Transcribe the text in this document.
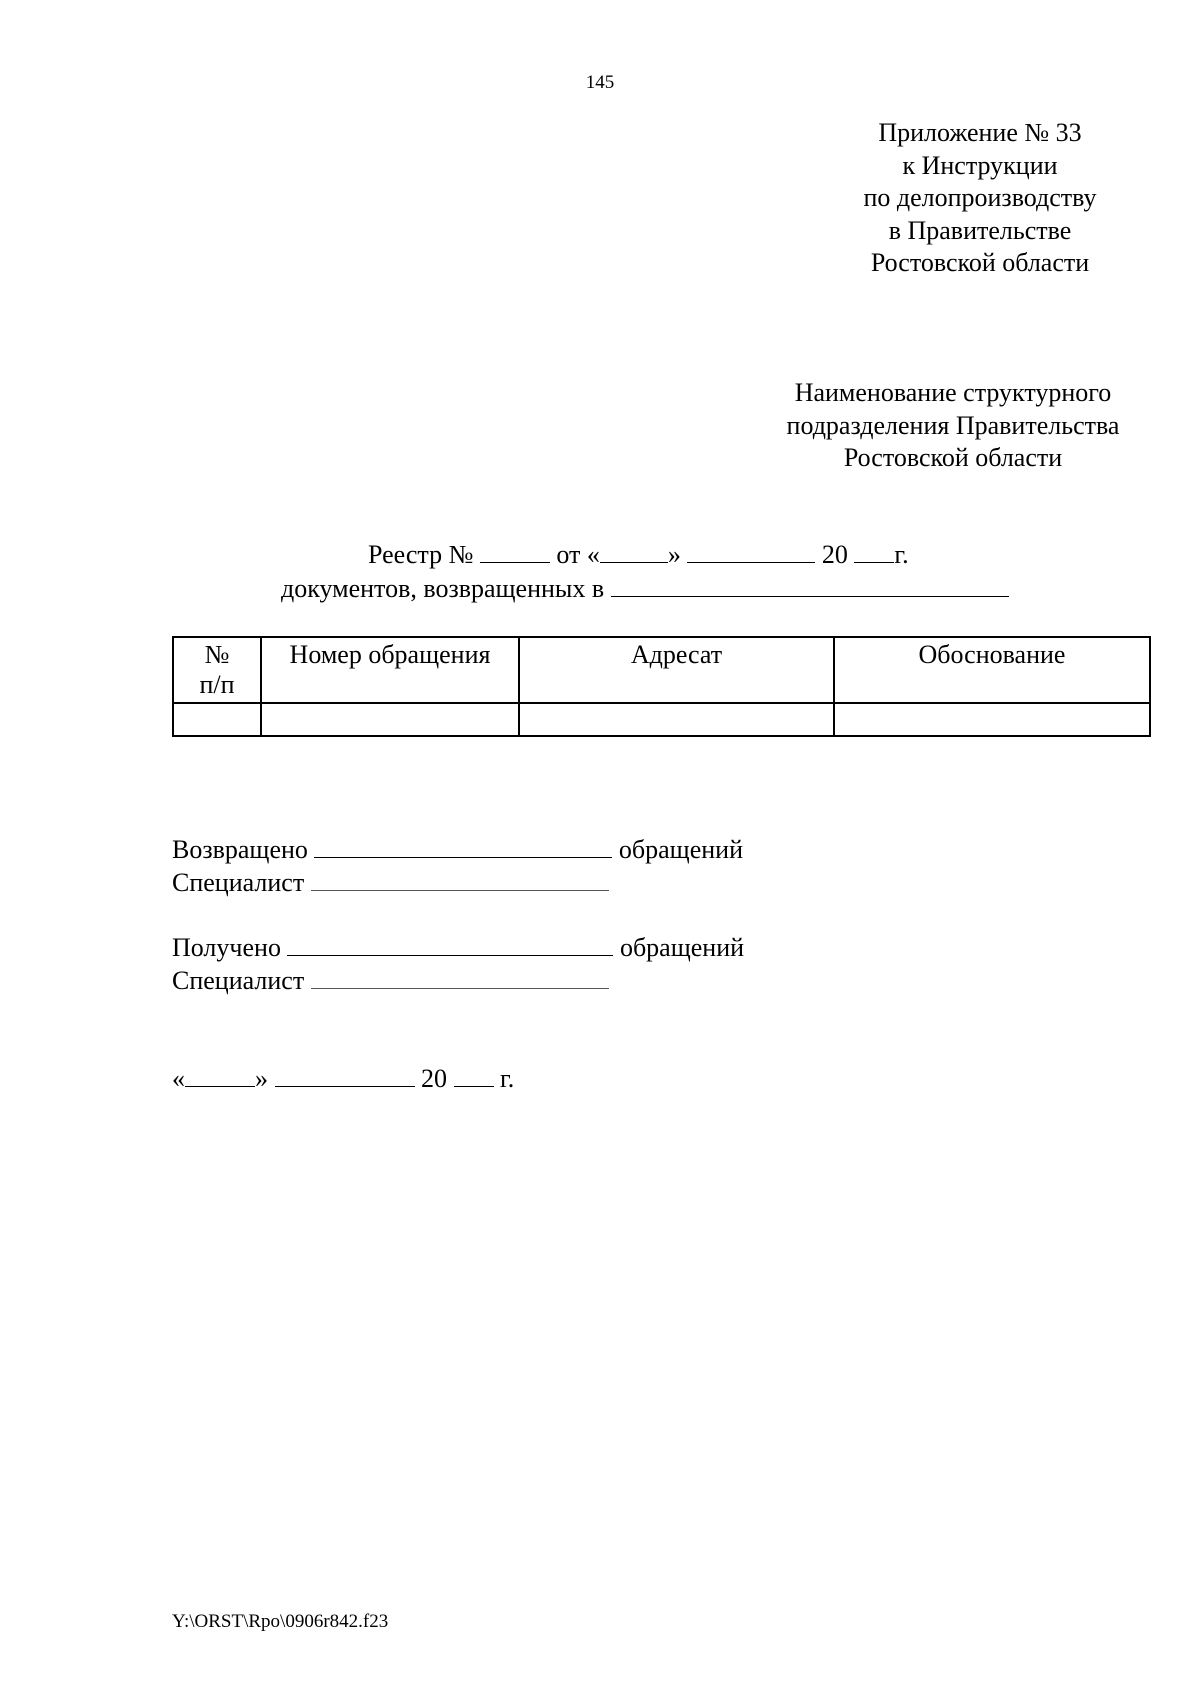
145
Приложение № 33
к Инструкции
по делопроизводству
в Правительстве
Ростовской области
Наименование структурного
подразделения Правительства
Ростовской области
Реестр №	от «	»	20 г.
документов, возвращенных в
№ п/п	Номер обращения	Адресат	Обоснование

Возвращено	обращений
Специалист
Получено	обращений
Специалист
«	»	20 г.
Y:\ORST\Rpo\0906r842.f23
